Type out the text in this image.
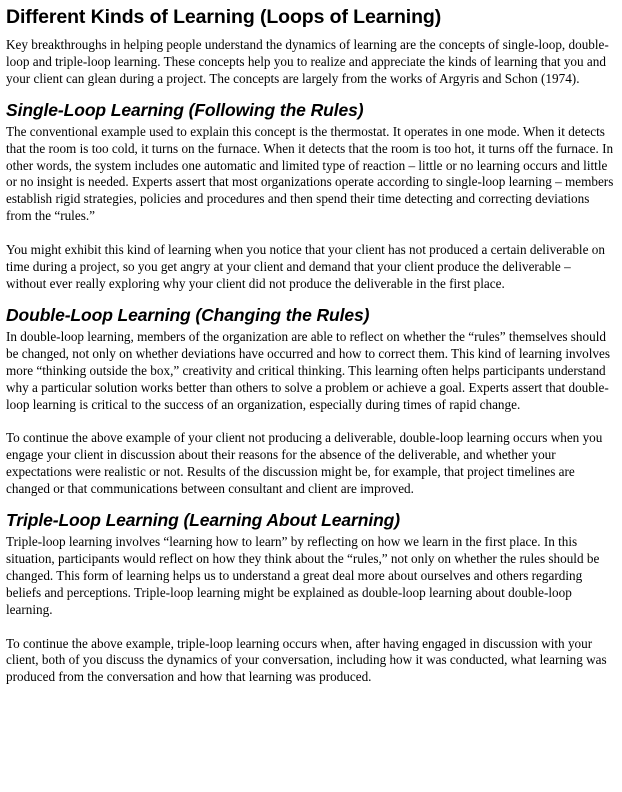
Different Kinds of Learning (Loops of Learning)

Key breakthroughs in helping people understand the dynamics of learning are the concepts of single-loop, double-loop and triple-loop learning. These concepts help you to realize and appreciate the kinds of learning that you and your client can glean during a project. The concepts are largely from the works of Argyris and Schon (1974).

Single-Loop Learning (Following the Rules)

The conventional example used to explain this concept is the thermostat. It operates in one mode. When it detects that the room is too cold, it turns on the furnace. When it detects that the room is too hot, it turns off the furnace. In other words, the system includes one automatic and limited type of reaction – little or no learning occurs and little or no insight is needed. Experts assert that most organizations operate according to single-loop learning – members establish rigid strategies, policies and procedures and then spend their time detecting and correcting deviations from the “rules.”

You might exhibit this kind of learning when you notice that your client has not produced a certain deliverable on time during a project, so you get angry at your client and demand that your client produce the deliverable – without ever really exploring why your client did not produce the deliverable in the first place.

Double-Loop Learning (Changing the Rules)

In double-loop learning, members of the organization are able to reflect on whether the “rules” themselves should be changed, not only on whether deviations have occurred and how to correct them. This kind of learning involves more “thinking outside the box,” creativity and critical thinking. This learning often helps participants understand why a particular solution works better than others to solve a problem or achieve a goal. Experts assert that double-loop learning is critical to the success of an organization, especially during times of rapid change.

To continue the above example of your client not producing a deliverable, double-loop learning occurs when you engage your client in discussion about their reasons for the absence of the deliverable, and whether your expectations were realistic or not. Results of the discussion might be, for example, that project timelines are changed or that communications between consultant and client are improved.

Triple-Loop Learning (Learning About Learning)

Triple-loop learning involves “learning how to learn” by reflecting on how we learn in the first place. In this situation, participants would reflect on how they think about the “rules,” not only on whether the rules should be changed. This form of learning helps us to understand a great deal more about ourselves and others regarding beliefs and perceptions. Triple-loop learning might be explained as double-loop learning about double-loop learning.

To continue the above example, triple-loop learning occurs when, after having engaged in discussion with your client, both of you discuss the dynamics of your conversation, including how it was conducted, what learning was produced from the conversation and how that learning was produced.
